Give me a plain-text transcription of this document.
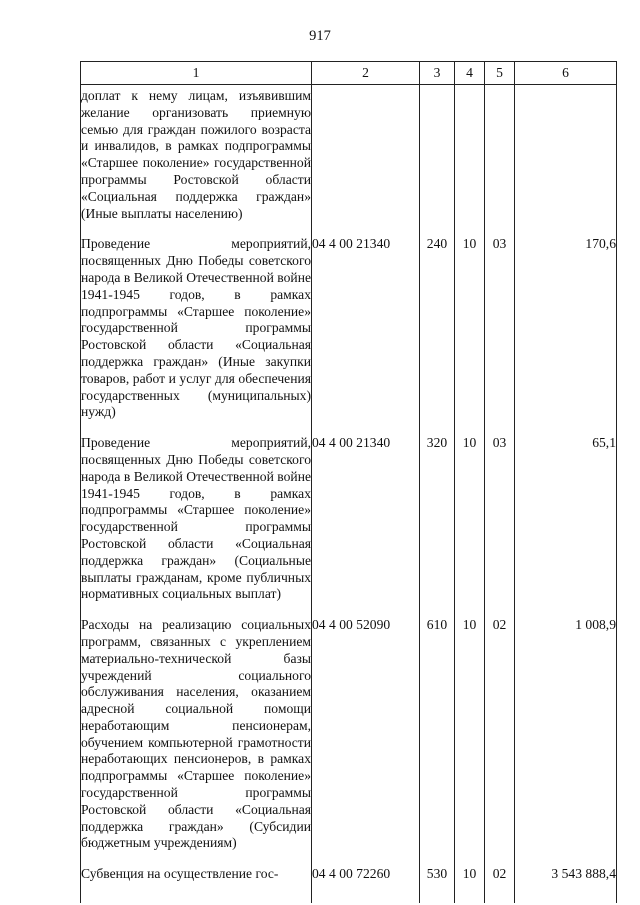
917
1	2	3	4	5	6
доплат к нему лицам, изъявившим желание организовать приемную семью для граждан пожилого возраста и инвалидов, в рамках подпрограммы «Старшее поколение» государственной программы Ростовской области «Социальная поддержка граждан» (Иные выплаты населению)					
Проведение мероприятий, посвященных Дню Победы советского народа в Великой Отечественной войне 1941-1945 годов, в рамках подпрограммы «Старшее поколение» государственной программы Ростовской области «Социальная поддержка граждан» (Иные закупки товаров, работ и услуг для обеспечения государственных (муниципальных) нужд)	04 4 00 21340	240	10	03	170,6
Проведение мероприятий, посвященных Дню Победы советского народа в Великой Отечественной войне 1941-1945 годов, в рамках подпрограммы «Старшее поколение» государственной программы Ростовской области «Социальная поддержка граждан» (Социальные выплаты гражданам, кроме публичных нормативных социальных выплат)	04 4 00 21340	320	10	03	65,1
Расходы на реализацию социальных программ, связанных с укреплением материально-технической базы учреждений социального обслуживания населения, оказанием адресной социальной помощи неработающим пенсионерам, обучением компьютерной грамотности неработающих пенсионеров, в рамках подпрограммы «Старшее поколение» государственной программы Ростовской области «Социальная поддержка граждан» (Субсидии бюджетным учреждениям)	04 4 00 52090	610	10	02	1 008,9
Субвенция на осуществление гос-	04 4 00 72260	530	10	02	3 543 888,4
